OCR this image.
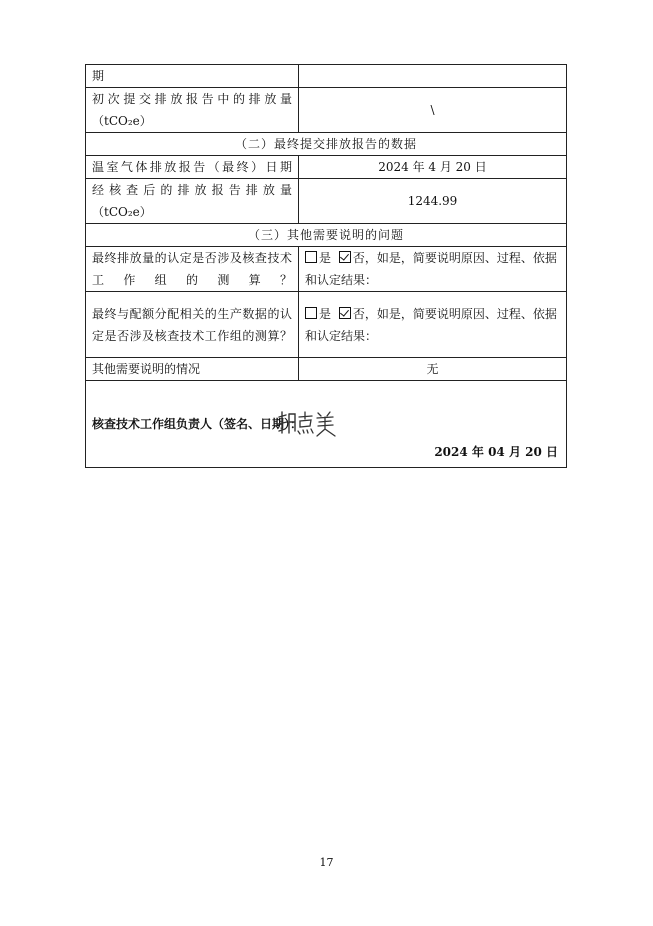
期	

初次提交排放报告中的排放量
（tCO₂e）	\
（二）最终提交排放报告的数据	
温室气体排放报告（最终）日期	2024 年 4 月 20 日

经核查后的排放报告排放量
（tCO₂e）	1244.99
（三）其他需要说明的问题	
最终排放量的认定是否涉及核查技术工作组的测算？	是 否，如是，简要说明原因、过程、依据和认定结果：
最终与配额分配相关的生产数据的认定是否涉及核查技术工作组的测算？	是 否，如是，简要说明原因、过程、依据和认定结果：
其他需要说明的情况	无

核查技术工作组负责人（签名、日期）：
2024 年 04 月 20 日	
17
